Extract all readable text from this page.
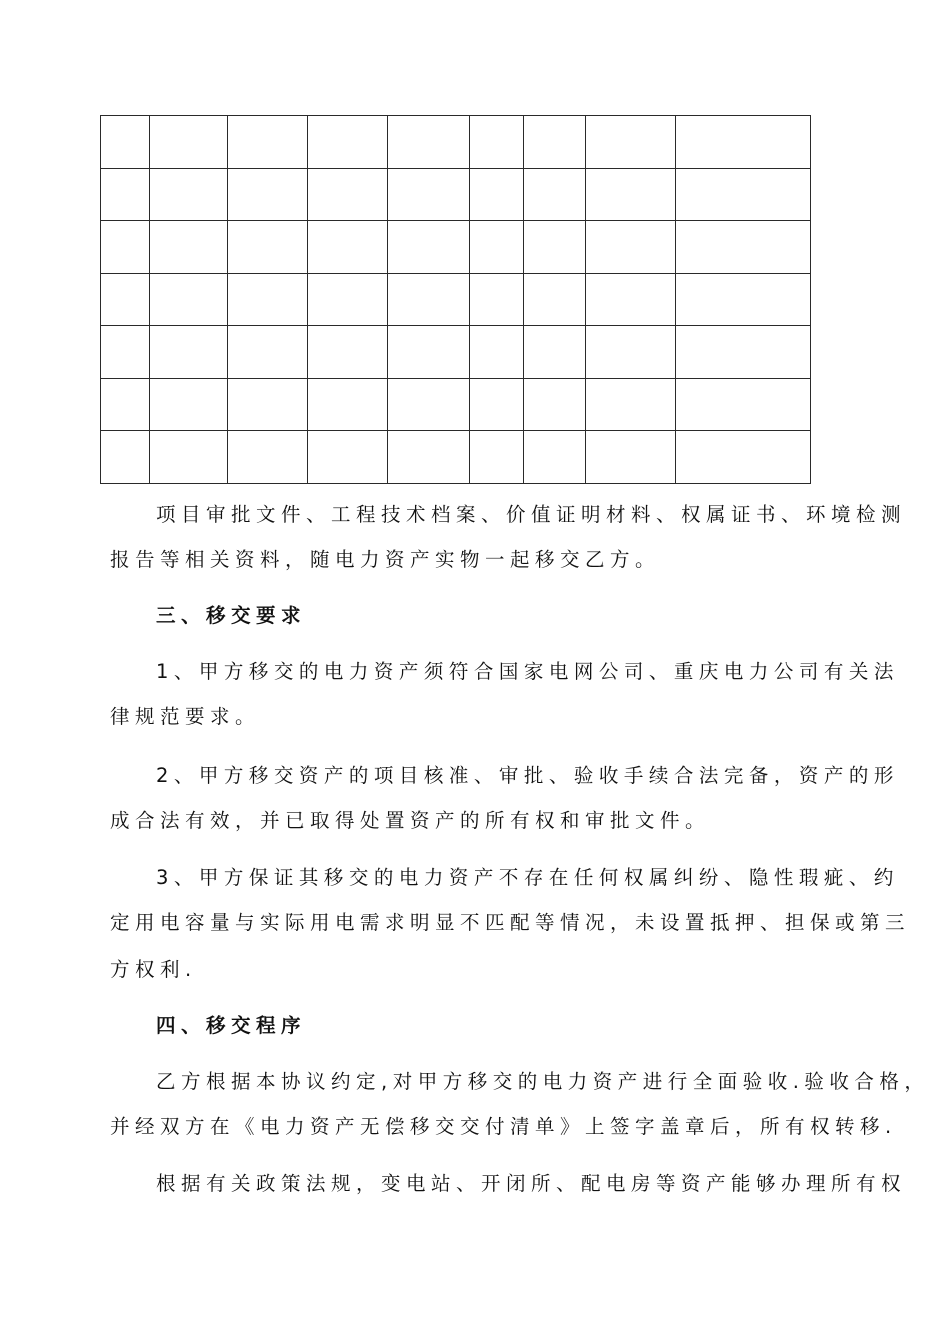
项目审批文件、工程技术档案、价值证明材料、权属证书、环境检测
报告等相关资料，随电力资产实物一起移交乙方。
三、移交要求
1、甲方移交的电力资产须符合国家电网公司、重庆电力公司有关法
律规范要求。
2、甲方移交资产的项目核准、审批、验收手续合法完备，资产的形
成合法有效，并已取得处置资产的所有权和审批文件。
3、甲方保证其移交的电力资产不存在任何权属纠纷、隐性瑕疵、约
定用电容量与实际用电需求明显不匹配等情况，未设置抵押、担保或第三
方权利.
四、移交程序
乙方根据本协议约定,对甲方移交的电力资产进行全面验收.验收合格，
并经双方在《电力资产无偿移交交付清单》上签字盖章后，所有权转移.
根据有关政策法规，变电站、开闭所、配电房等资产能够办理所有权
